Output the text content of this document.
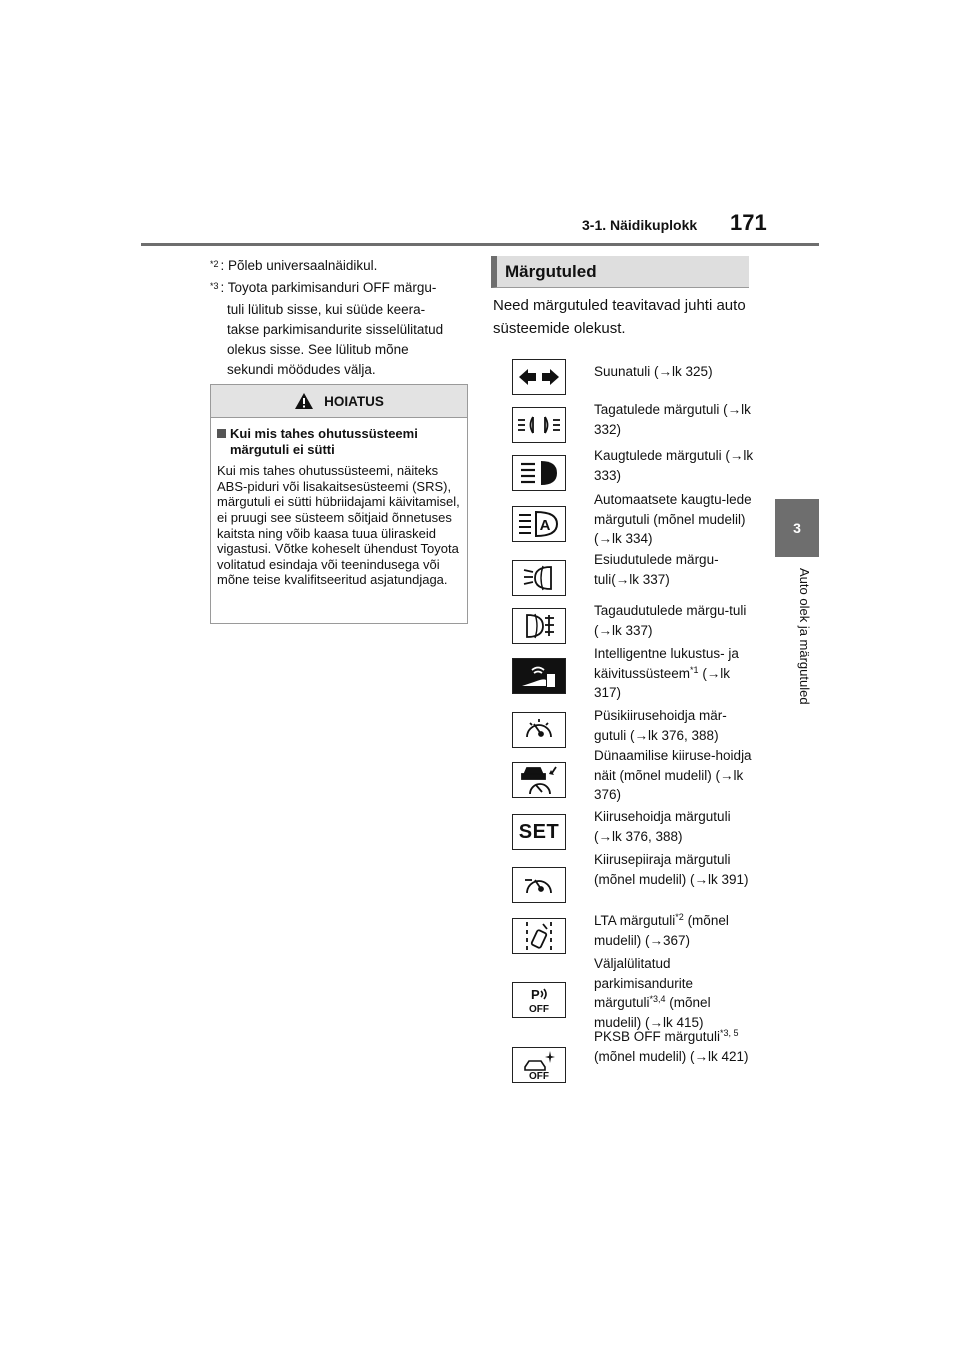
3-1. Näidikuplokk 171
3
Auto olek ja märgutuled
$^{*2}$ : Põleb universaalnäidikul.
$^{*3}$ : Toyota parkimisanduri OFF märgu-
tuli lülitub sisse, kui süüde keera-
takse parkimisandurite sisselülitatud
olekus sisse. See lülitub mõne
sekundi möödudes välja.
HOIATUS
Kui mis tahes ohutussüsteemi märgutuli ei sütti
Kui mis tahes ohutussüsteemi, näiteks ABS-piduri või lisakaitsesüsteemi (SRS), märgutuli ei sütti hübriidajami käivitamisel, ei pruugi see süsteem sõitjaid õnnetuses kaitsta ning võib kaasa tuua üliraskeid vigastusi. Võtke koheselt ühendust Toyota volitatud esindaja või teenindusega või mõne teise kvalifitseeritud asjatundjaga.
Märgutuled
Need märgutuled teavitavad juhti auto süsteemide olekust.
Suunatuli (→lk 325)
Tagatulede märgutuli (→lk 332)
Kaugtulede märgutuli (→lk 333)
A
Automaatsete kaugtu-lede märgutuli (mõnel mudelil)(→lk 334)
Esiudutulede märgu-tuli(→lk 337)
Tagaudutulede märgu-tuli (→lk 337)
Intelligentne lukustus- ja käivitussüsteem$^{*1}$ (→lk 317)
Püsikiirusehoidja mär-gutuli (→lk 376, 388)
Dünaamilise kiiruse-hoidja näit (mõnel mudelil) (→lk 376)
SET
Kiirusehoidja märgutuli (→lk 376, 388)
Kiirusepiiraja märgutuli (mõnel mudelil) (→lk 391)
LTA märgutuli$^{*2}$ (mõnel mudelil) (→367)
P
OFF
Väljalülitatud parkimisandurite märgutuli$^{*3,4}$ (mõnel mudelil) (→lk 415)
OFF
PKSB OFF märgutuli$^{*3, 5}$ (mõnel mudelil) (→lk 421)
